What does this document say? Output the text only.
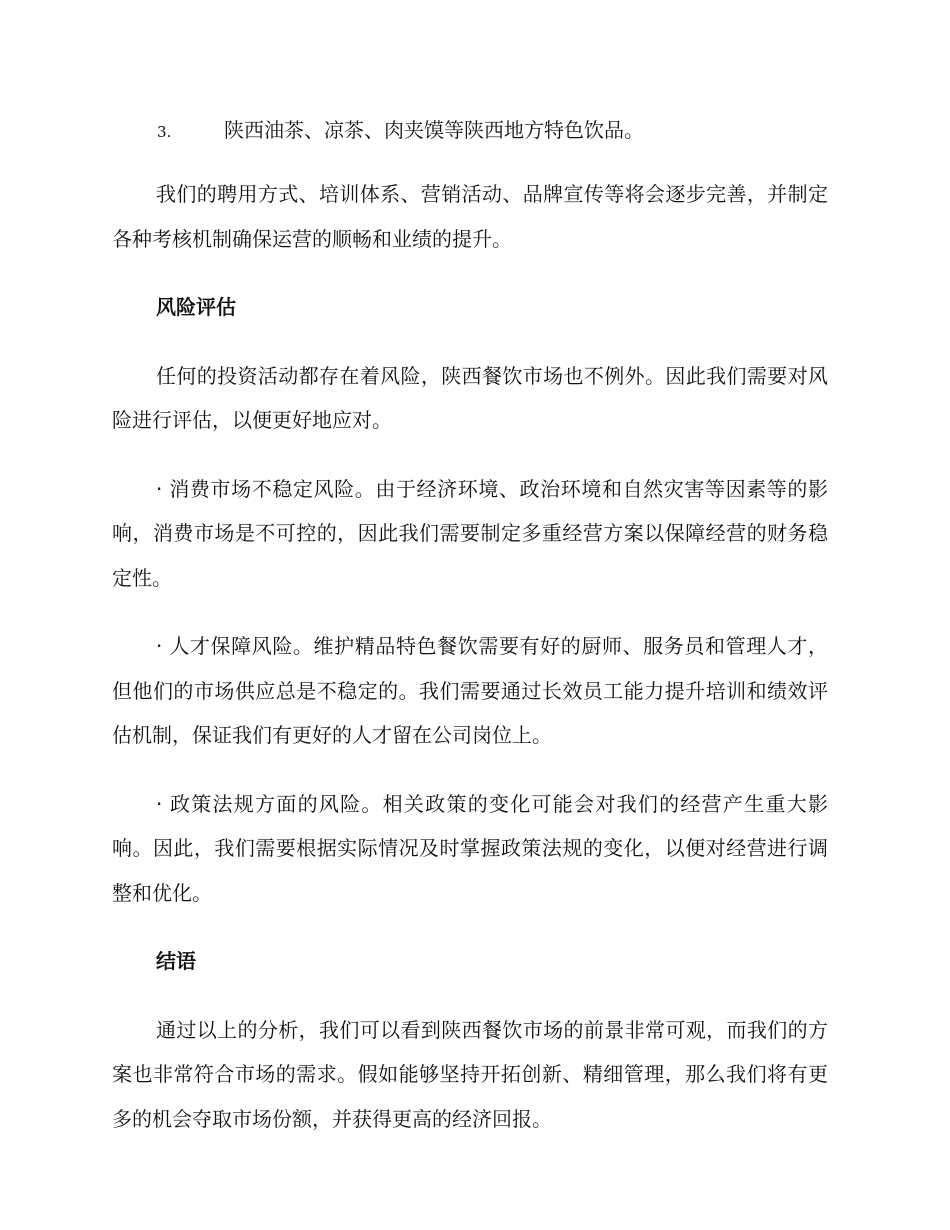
3.	陕西油茶、凉茶、肉夹馍等陕西地方特色饮品。

我们的聘用方式、培训体系、营销活动、品牌宣传等将会逐步完善，并制定各种考核机制确保运营的顺畅和业绩的提升。

风险评估

任何的投资活动都存在着风险，陕西餐饮市场也不例外。因此我们需要对风险进行评估，以便更好地应对。

· 消费市场不稳定风险。由于经济环境、政治环境和自然灾害等因素等的影响，消费市场是不可控的，因此我们需要制定多重经营方案以保障经营的财务稳定性。

· 人才保障风险。维护精品特色餐饮需要有好的厨师、服务员和管理人才，但他们的市场供应总是不稳定的。我们需要通过长效员工能力提升培训和绩效评估机制，保证我们有更好的人才留在公司岗位上。

· 政策法规方面的风险。相关政策的变化可能会对我们的经营产生重大影响。因此，我们需要根据实际情况及时掌握政策法规的变化，以便对经营进行调整和优化。

结语

通过以上的分析，我们可以看到陕西餐饮市场的前景非常可观，而我们的方案也非常符合市场的需求。假如能够坚持开拓创新、精细管理，那么我们将有更多的机会夺取市场份额，并获得更高的经济回报。
